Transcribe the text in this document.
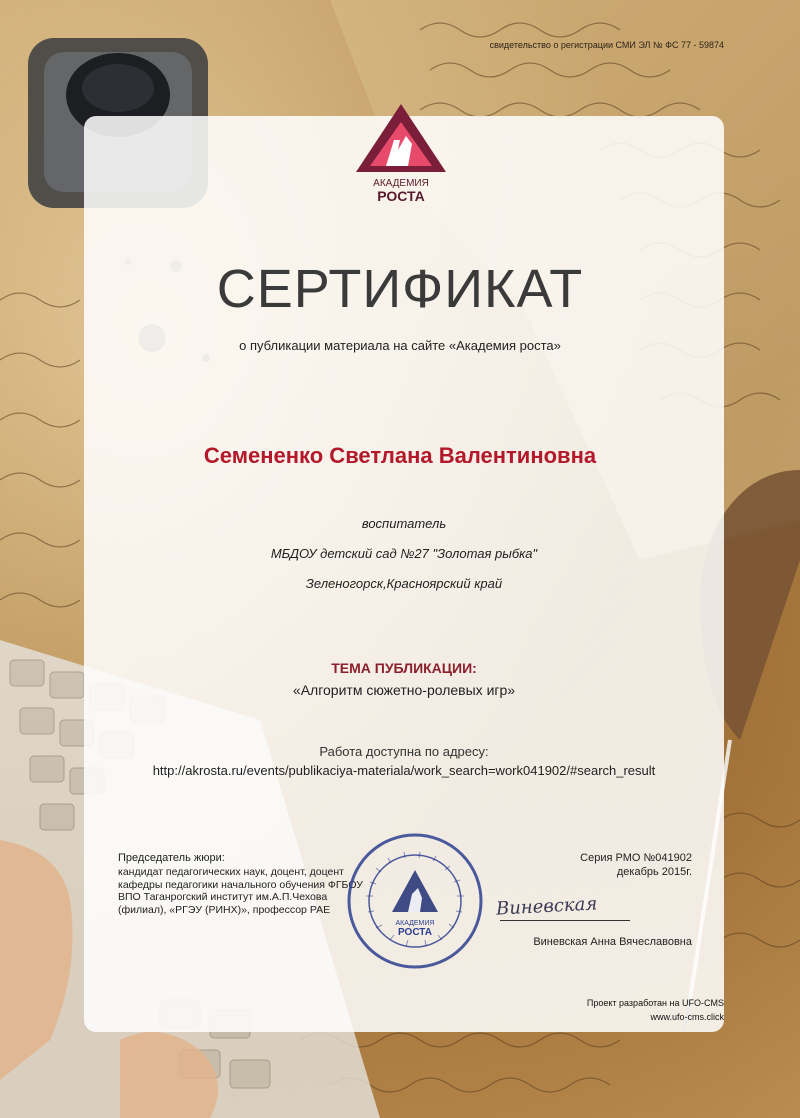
свидетельство о регистрации СМИ ЭЛ № ФС 77 - 59874
АКАДЕМИЯ
РОСТА
СЕРТИФИКАТ
о публикации материала на сайте «Академия роста»
Семененко Светлана Валентиновна
воспитатель
МБДОУ детский сад №27 "Золотая рыбка"
Зеленогорск,Красноярский край
ТЕМА ПУБЛИКАЦИИ:
«Алгоритм сюжетно-ролевых игр»
Работа доступна по адресу:
http://akrosta.ru/events/publikaciya-materiala/work_search=work041902/#search_result
Председатель жюри:
кандидат педагогических наук, доцент, доцент кафедры педагогики начального обучения ФГБОУ ВПО Таганрогский институт им.А.П.Чехова (филиал), «РГЭУ (РИНХ)», профессор РАЕ
АКАДЕМИЯ
РОСТА
Серия РМО №041902
декабрь 2015г.
Виневская
Виневская Анна Вячеславовна
Проект разработан на UFO-CMS
www.ufo-cms.click
